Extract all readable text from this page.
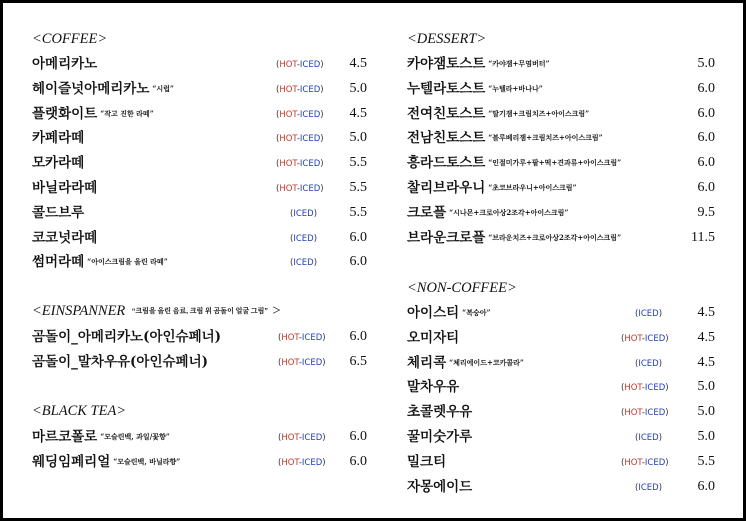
<COFFEE>
<EINSPANNER “크림을 올린 음료, 크림 위 곰돌이 얼굴 그림” >
<BLACK TEA>
<DESSERT>
<NON-COFFEE>
아메리카노	(HOT-ICED) 4.5
헤이즐넛아메리카노 “시럽”	(HOT-ICED) 5.0
플랫화이트 “작고 진한 라떼”	(HOT-ICED) 4.5
카페라떼	(HOT-ICED) 5.0
모카라떼	(HOT-ICED) 5.5
바닐라라떼	(HOT-ICED) 5.5
콜드브루	(ICED) 5.5
코코넛라떼	(ICED) 6.0
썸머라떼 “아이스크림을 올린 라떼”	(ICED) 6.0
곰돌이_아메리카노(아인슈페너)	(HOT-ICED) 6.0
곰돌이_말차우유(아인슈페너)	(HOT-ICED) 6.5
마르코폴로 “모슬린백, 과일/꽃향”	(HOT-ICED) 6.0
웨딩임페리얼 “모슬린백, 바닐라향”	(HOT-ICED) 6.0
카야잼토스트 “카야잼+무염버터”	5.0
누텔라토스트 “누텔라+바나나”	6.0
전여친토스트 “딸기잼+크림치즈+아이스크림”	6.0
전남친토스트 “블루베리잼+크림치즈+아이스크림”	6.0
흥라드토스트 “인절미가루+팥+떡+견과류+아이스크림”	6.0
찰리브라우니 “초코브라우니+아이스크림”	6.0
크로플 “시나몬+크로아상2조각+아이스크림”	9.5
브라운크로플 “브라운치즈+크로아상2조각+아이스크림”	11.5
아이스티 “복숭아”	(ICED)	4.5
오미자티	(HOT-ICED) 4.5
체리콕 “체리에이드+코카콜라”	(ICED)	4.5
말차우유	(HOT-ICED) 5.0
초콜렛우유	(HOT-ICED) 5.0
꿀미숫가루	(ICED)	5.0
밀크티	(HOT-ICED) 5.5
자몽에이드	(ICED)	6.0
